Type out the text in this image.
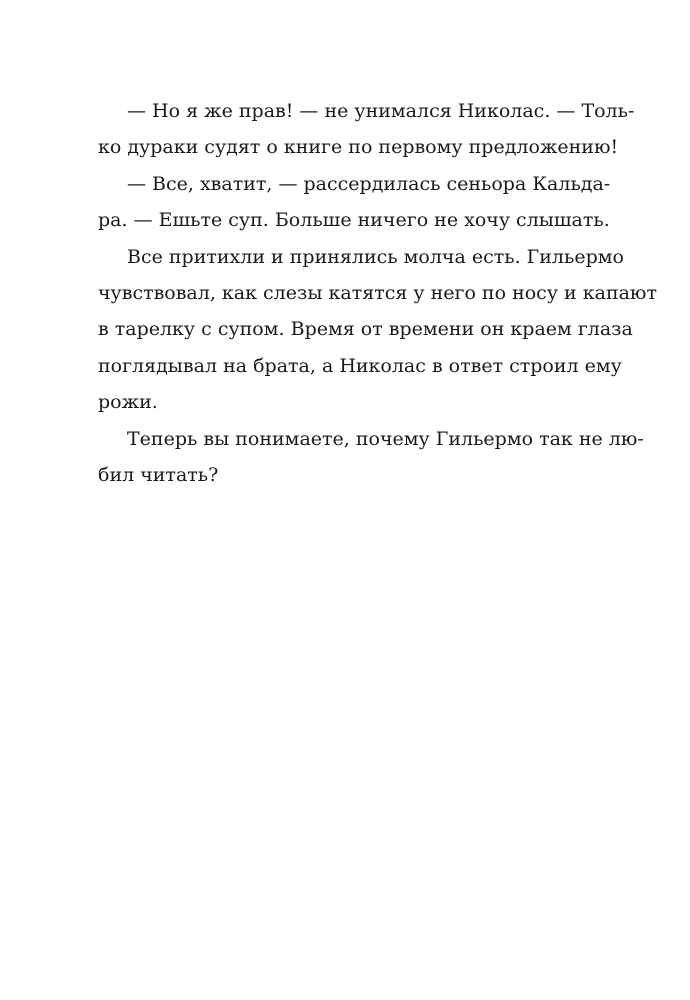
— Но я же прав! — не унимался Николас. — Толь-
ко дураки судят о книге по первому предложению!
— Все, хватит, — рассердилась сеньора Кальда-
ра. — Ешьте суп. Больше ничего не хочу слышать.
Все притихли и принялись молча есть. Гильермо
чувствовал, как слезы катятся у него по носу и капают
в тарелку с супом. Время от времени он краем глаза
поглядывал на брата, а Николас в ответ строил ему
рожи.
Теперь вы понимаете, почему Гильермо так не лю-
бил читать?
